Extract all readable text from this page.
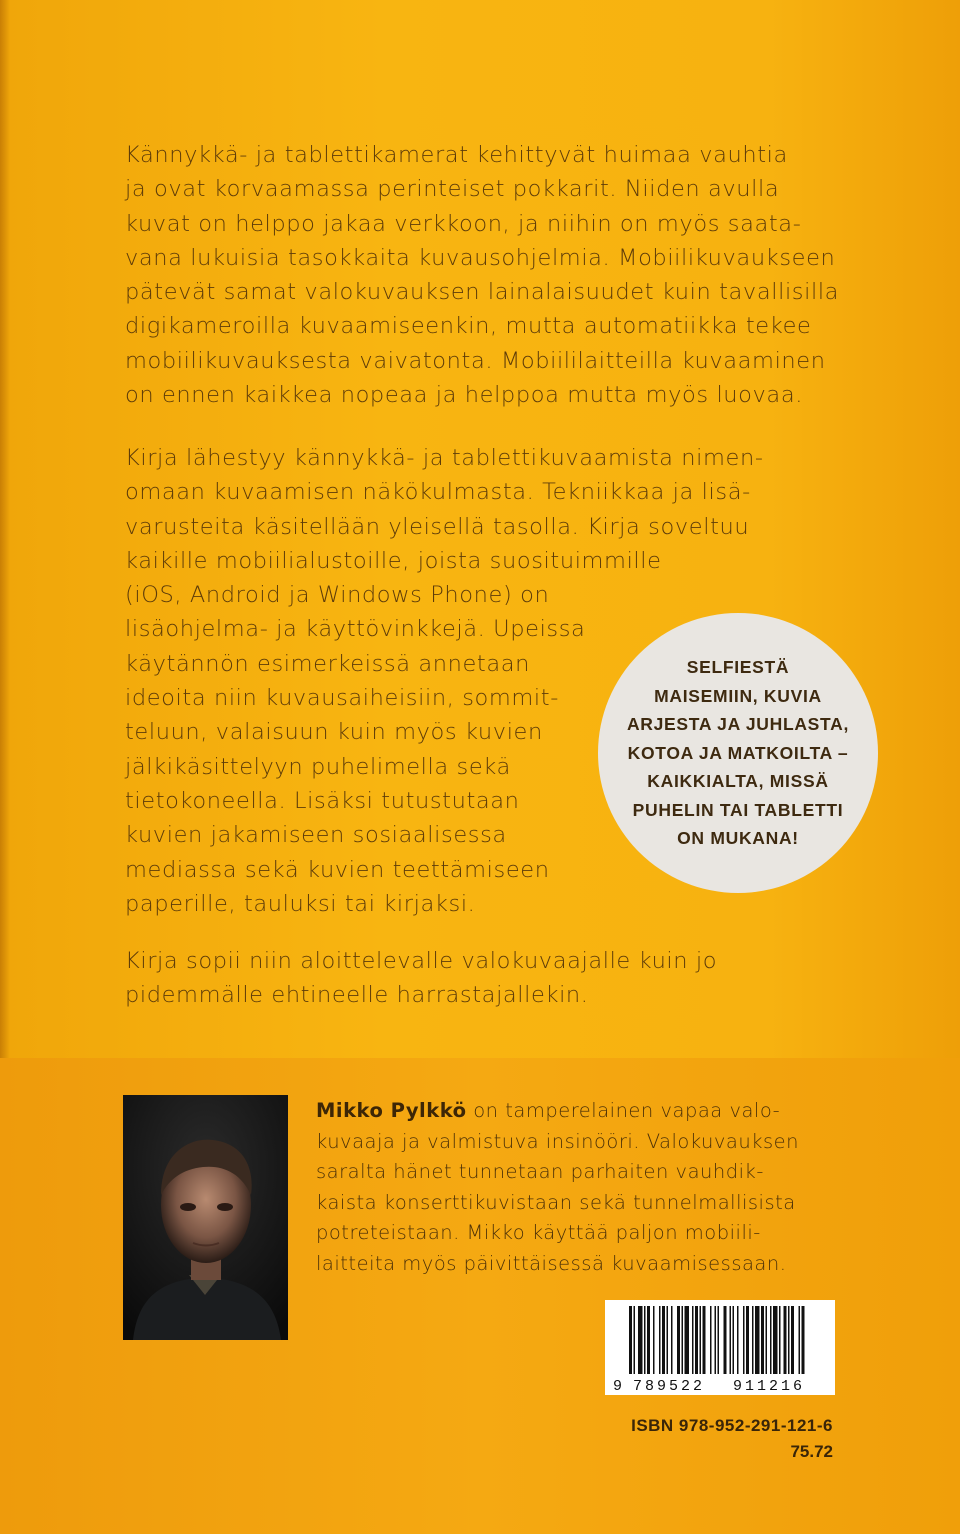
Kännykkä- ja tablettikamerat kehittyvät huimaa vauhtia
ja ovat korvaamassa perinteiset pokkarit. Niiden avulla
kuvat on helppo jakaa verkkoon, ja niihin on myös saata-
vana lukuisia tasokkaita kuvausohjelmia. Mobiilikuvaukseen
pätevät samat valokuvauksen lainalaisuudet kuin tavallisilla
digikameroilla kuvaamiseenkin, mutta automatiikka tekee
mobiilikuvauksesta vaivatonta. Mobiililaitteilla kuvaaminen
on ennen kaikkea nopeaa ja helppoa mutta myös luovaa.

Kirja lähestyy kännykkä- ja tablettikuvaamista nimen-
omaan kuvaamisen näkökulmasta. Tekniikkaa ja lisä-
varusteita käsitellään yleisellä tasolla. Kirja soveltuu
kaikille mobiilialustoille, joista suosituimmille
(iOS, Android ja Windows Phone) on
lisäohjelma- ja käyttövinkkejä. Upeissa
käytännön esimerkeissä annetaan
ideoita niin kuvausaiheisiin, sommit-
teluun, valaisuun kuin myös kuvien
jälkikäsittelyyn puhelimella sekä
tietokoneella. Lisäksi tutustutaan
kuvien jakamiseen sosiaalisessa
mediassa sekä kuvien teettämiseen
paperille, tauluksi tai kirjaksi.

SELFIESTÄ
MAISEMIIN, KUVIA
ARJESTA JA JUHLASTA,
KOTOA JA MATKOILTA –
KAIKKIALTA, MISSÄ
PUHELIN TAI TABLETTI
ON MUKANA!

Kirja sopii niin aloittelevalle valokuvaajalle kuin jo
pidemmälle ehtineelle harrastajallekin.

Mikko Pylkkö on tamperelainen vapaa valo-
kuvaaja ja valmistuva insinööri. Valokuvauksen
saralta hänet tunnetaan parhaiten vauhdik-
kaista konserttikuvistaan sekä tunnelmallisista
potreteistaan. Mikko käyttää paljon mobiili-
laitteita myös päivittäisessä kuvaamisessaan.

9 789522 911216

ISBN 978-952-291-121-6

75.72
